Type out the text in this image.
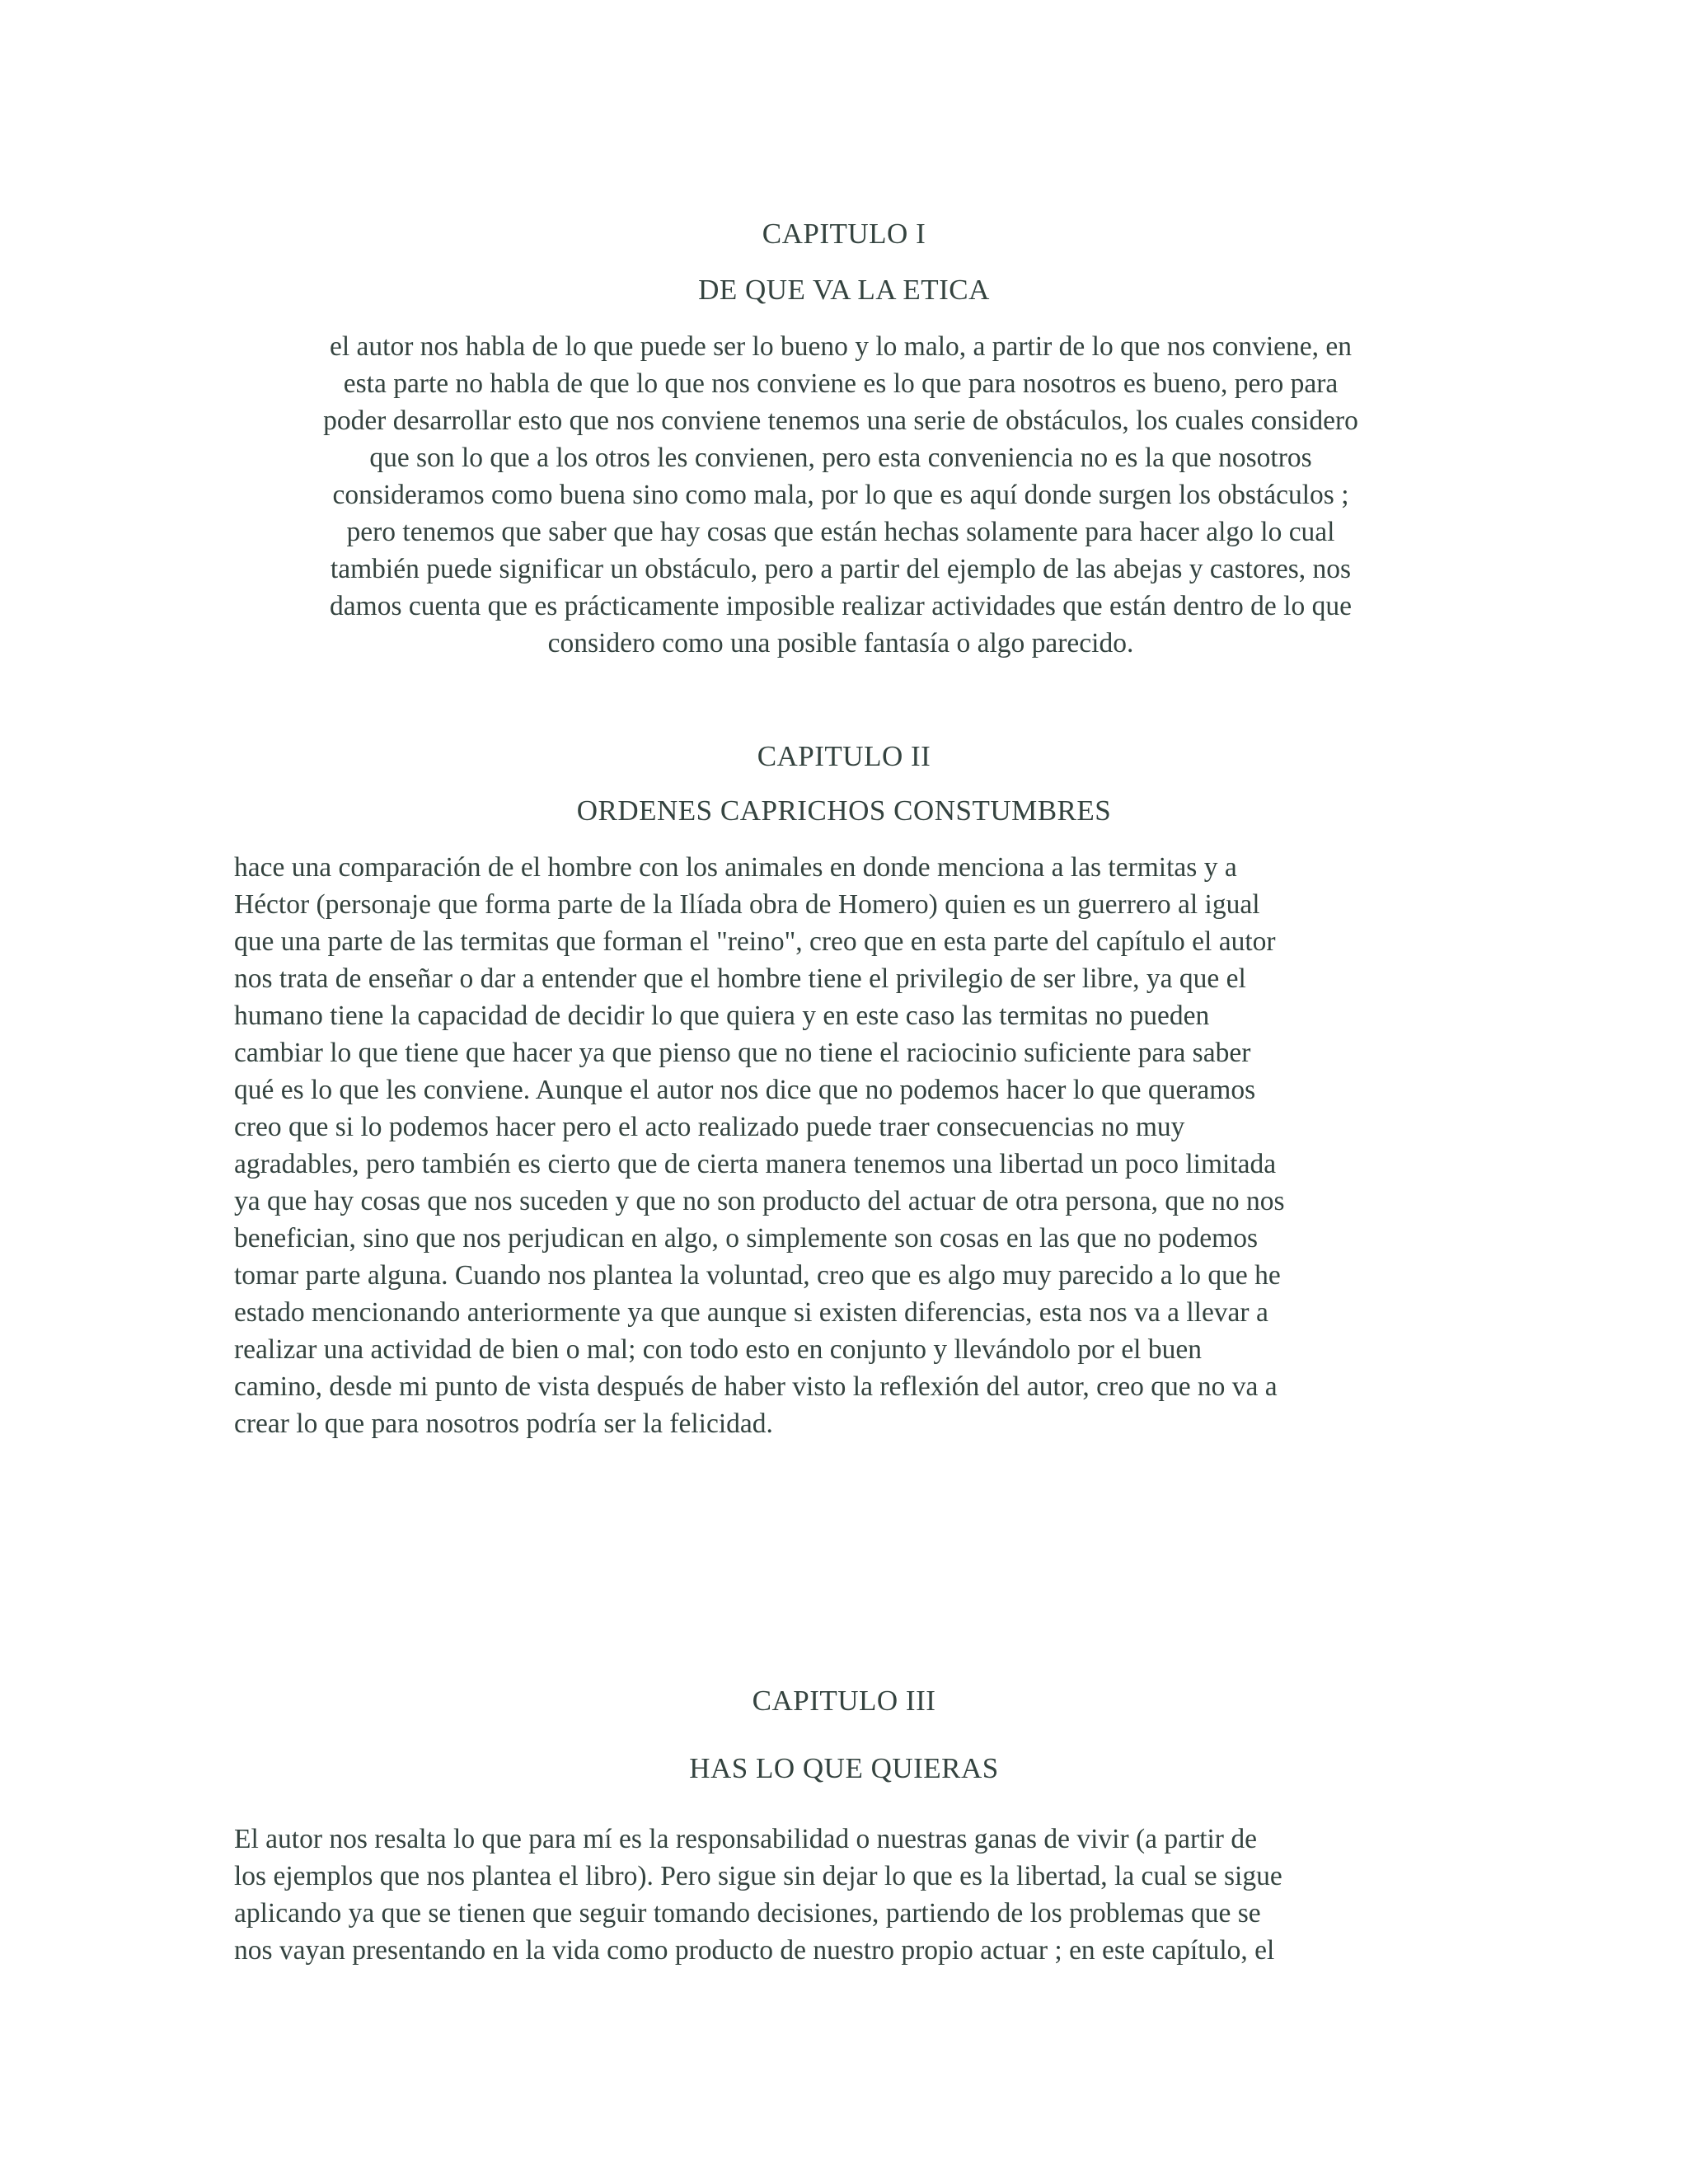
CAPITULO I
DE QUE VA LA ETICA
el autor nos habla de lo que puede ser lo bueno y lo malo, a partir de lo que nos conviene, en
esta parte no habla de que lo que nos conviene es lo que para nosotros es bueno, pero para
poder desarrollar esto que nos conviene tenemos una serie de obstáculos, los cuales considero
que son lo que a los otros les convienen, pero esta conveniencia no es la que nosotros
consideramos como buena sino como mala, por lo que es aquí donde surgen los obstáculos ;
pero tenemos que saber que hay cosas que están hechas solamente para hacer algo lo cual
también puede significar un obstáculo, pero a partir del ejemplo de las abejas y castores, nos
damos cuenta que es prácticamente imposible realizar actividades que están dentro de lo que
considero como una posible fantasía o algo parecido.
CAPITULO II
ORDENES CAPRICHOS CONSTUMBRES
hace una comparación de el hombre con los animales en donde menciona a las termitas y a
Héctor (personaje que forma parte de la Ilíada obra de Homero) quien es un guerrero al igual
que una parte de las termitas que forman el "reino", creo que en esta parte del capítulo el autor
nos trata de enseñar o dar a entender que el hombre tiene el privilegio de ser libre, ya que el
humano tiene la capacidad de decidir lo que quiera y en este caso las termitas no pueden
cambiar lo que tiene que hacer ya que pienso que no tiene el raciocinio suficiente para saber
qué es lo que les conviene. Aunque el autor nos dice que no podemos hacer lo que queramos
creo que si lo podemos hacer pero el acto realizado puede traer consecuencias no muy
agradables, pero también es cierto que de cierta manera tenemos una libertad un poco limitada
ya que hay cosas que nos suceden y que no son producto del actuar de otra persona, que no nos
benefician, sino que nos perjudican en algo, o simplemente son cosas en las que no podemos
tomar parte alguna. Cuando nos plantea la voluntad, creo que es algo muy parecido a lo que he
estado mencionando anteriormente ya que aunque si existen diferencias, esta nos va a llevar a
realizar una actividad de bien o mal; con todo esto en conjunto y llevándolo por el buen
camino, desde mi punto de vista después de haber visto la reflexión del autor, creo que no va a
crear lo que para nosotros podría ser la felicidad.
CAPITULO III
HAS LO QUE QUIERAS
El autor nos resalta lo que para mí es la responsabilidad o nuestras ganas de vivir (a partir de
los ejemplos que nos plantea el libro). Pero sigue sin dejar lo que es la libertad, la cual se sigue
aplicando ya que se tienen que seguir tomando decisiones, partiendo de los problemas que se
nos vayan presentando en la vida como producto de nuestro propio actuar ; en este capítulo, el
